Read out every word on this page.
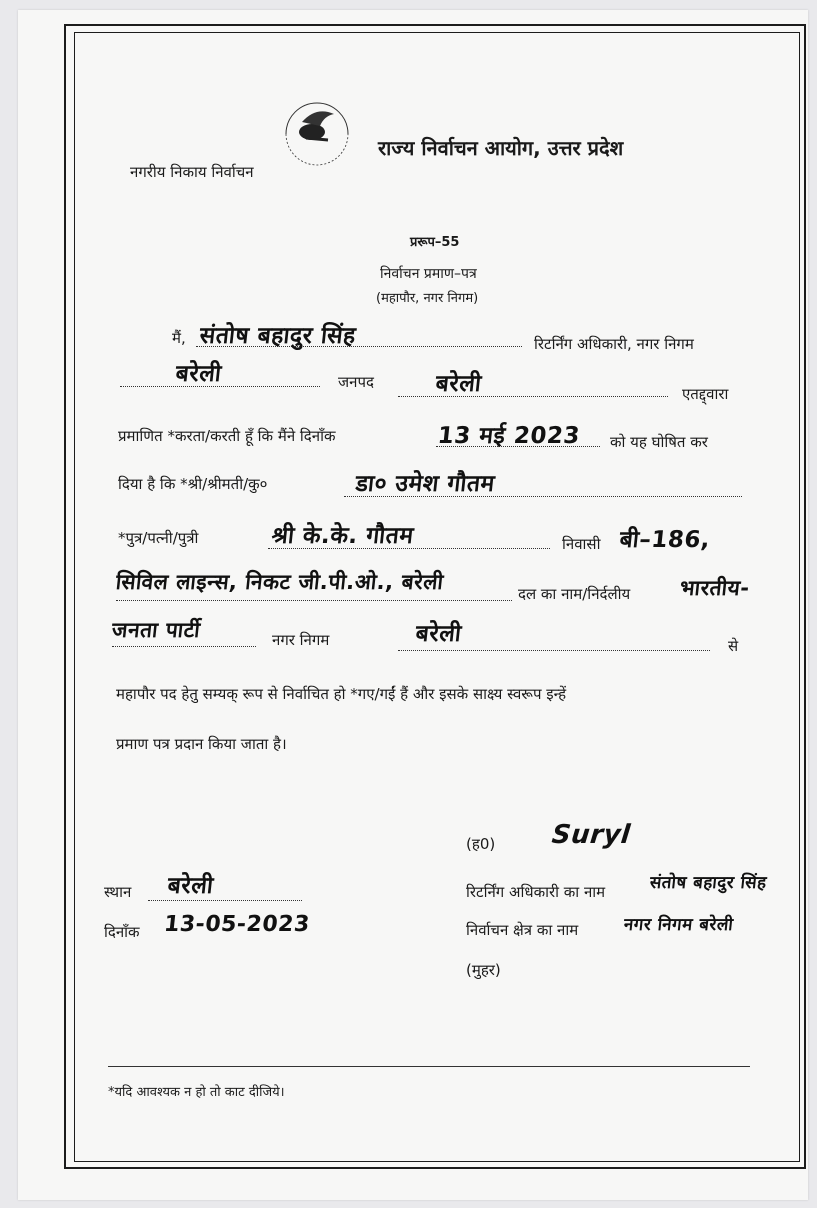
राज्य निर्वाचन आयोग, उत्तर प्रदेश
नगरीय निकाय निर्वाचन
प्ररूप–55
निर्वाचन प्रमाण–पत्र
(महापौर, नगर निगम)
मैं, संतोष बहादुर सिंह	रिटर्निंग अधिकारी, नगर निगम
बरेली	जनपद	बरेली	एतद्द्वारा
प्रमाणित *करता/करती हूँ कि मैंने दिनाँक	13 मई 2023 को यह घोषित कर
दिया है कि *श्री/श्रीमती/कु०	डा० उमेश गौतम
*पुत्र/पत्नी/पुत्री	श्री के.के. गौतम	निवासी बी–186,
सिविल लाइन्स, निकट जी.पी.ओ., बरेली	दल का नाम/निर्दलीय भारतीय-
जनता पार्टी	नगर निगम	बरेली	से
महापौर पद हेतु सम्यक् रूप से निर्वाचित हो *गए/गईं हैं और इसके साक्ष्य स्वरूप इन्हें
प्रमाण पत्र प्रदान किया जाता है।
(ह0) Suryl
स्थान बरेली
दिनाँक 13-05-2023
रिटर्निंग अधिकारी का नाम	संतोष बहादुर सिंह
निर्वाचन क्षेत्र का नाम	नगर निगम बरेली
(मुहर)
*यदि आवश्यक न हो तो काट दीजिये।
